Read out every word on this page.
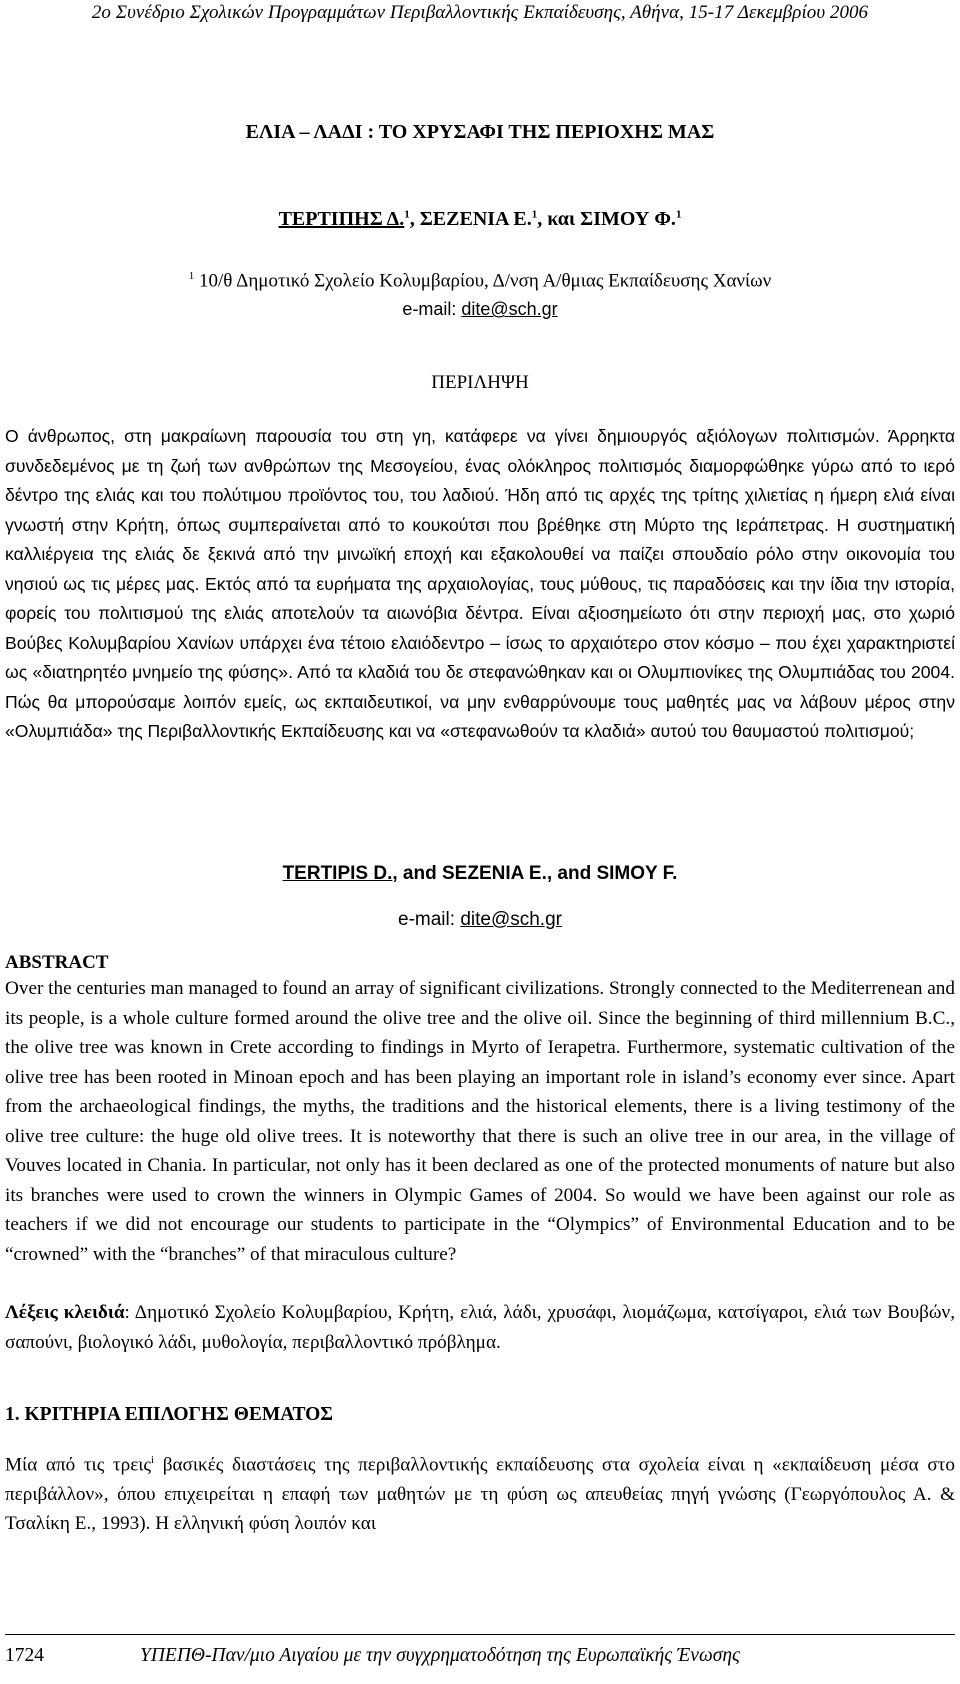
2ο Συνέδριο Σχολικών Προγραμμάτων Περιβαλλοντικής Εκπαίδευσης, Αθήνα, 15-17 Δεκεμβρίου 2006
ΕΛΙΑ – ΛΑΔΙ : ΤΟ ΧΡΥΣΑΦΙ ΤΗΣ ΠΕΡΙΟΧΗΣ ΜΑΣ
ΤΕΡΤΙΠΗΣ Δ.$^1$, ΣΕΖΕΝΙΑ Ε.$^1$, και ΣΙΜΟΥ Φ.$^1$
$^1$ 10/θ Δημοτικό Σχολείο Κολυμβαρίου, Δ/νση Α/θμιας Εκπαίδευσης Χανίων
e-mail: dite@sch.gr
ΠΕΡΙΛΗΨΗ
Ο άνθρωπος, στη μακραίωνη παρουσία του στη γη, κατάφερε να γίνει δημιουργός αξιόλογων πολιτισμών. Άρρηκτα συνδεδεμένος με τη ζωή των ανθρώπων της Μεσογείου, ένας ολόκληρος πολιτισμός διαμορφώθηκε γύρω από το ιερό δέντρο της ελιάς και του πολύτιμου προϊόντος του, του λαδιού. Ήδη από τις αρχές της τρίτης χιλιετίας η ήμερη ελιά είναι γνωστή στην Κρήτη, όπως συμπεραίνεται από το κουκούτσι που βρέθηκε στη Μύρτο της Ιεράπετρας. Η συστηματική καλλιέργεια της ελιάς δε ξεκινά από την μινωϊκή εποχή και εξακολουθεί να παίζει σπουδαίο ρόλο στην οικονομία του νησιού ως τις μέρες μας. Εκτός από τα ευρήματα της αρχαιολογίας, τους μύθους, τις παραδόσεις και την ίδια την ιστορία, φορείς του πολιτισμού της ελιάς αποτελούν τα αιωνόβια δέντρα. Είναι αξιοσημείωτο ότι στην περιοχή μας, στο χωριό Βούβες Κολυμβαρίου Χανίων υπάρχει ένα τέτοιο ελαιόδεντρο – ίσως το αρχαιότερο στον κόσμο – που έχει χαρακτηριστεί ως «διατηρητέο μνημείο της φύσης». Από τα κλαδιά του δε στεφανώθηκαν και οι Ολυμπιονίκες της Ολυμπιάδας του 2004. Πώς θα μπορούσαμε λοιπόν εμείς, ως εκπαιδευτικοί, να μην ενθαρρύνουμε τους μαθητές μας να λάβουν μέρος στην «Ολυμπιάδα» της Περιβαλλοντικής Εκπαίδευσης και να «στεφανωθούν τα κλαδιά» αυτού του θαυμαστού πολιτισμού;
TERTIPIS D., and SEZENIA E., and SIMOY F.
e-mail: dite@sch.gr
ABSTRACT
Over the centuries man managed to found an array of significant civilizations. Strongly connected to the Mediterrenean and its people, is a whole culture formed around the olive tree and the olive oil. Since the beginning of third millennium B.C., the olive tree was known in Crete according to findings in Myrto of Ierapetra. Furthermore, systematic cultivation of the olive tree has been rooted in Minoan epoch and has been playing an important role in island’s economy ever since. Apart from the archaeological findings, the myths, the traditions and the historical elements, there is a living testimony of the olive tree culture: the huge old olive trees. It is noteworthy that there is such an olive tree in our area, in the village of Vouves located in Chania. In particular, not only has it been declared as one of the protected monuments of nature but also its branches were used to crown the winners in Olympic Games of 2004. So would we have been against our role as teachers if we did not encourage our students to participate in the “Olympics” of Environmental Education and to be “crowned” with the “branches” of that miraculous culture?
Λέξεις κλειδιά: Δημοτικό Σχολείο Κολυμβαρίου, Κρήτη, ελιά, λάδι, χρυσάφι, λιομάζωμα, κατσίγαροι, ελιά των Βουβών, σαπούνι, βιολογικό λάδι, μυθολογία, περιβαλλοντικό πρόβλημα.
1. ΚΡΙΤΗΡΙΑ ΕΠΙΛΟΓΗΣ ΘΕΜΑΤΟΣ
Μία από τις τρεις$^i$ βασικές διαστάσεις της περιβαλλοντικής εκπαίδευσης στα σχολεία είναι η «εκπαίδευση μέσα στο περιβάλλον», όπου επιχειρείται η επαφή των μαθητών με τη φύση ως απευθείας πηγή γνώσης (Γεωργόπουλος Α. & Τσαλίκη Ε., 1993). Η ελληνική φύση λοιπόν και
1724	ΥΠΕΠΘ-Παν/μιο Αιγαίου με την συγχρηματοδότηση της Ευρωπαϊκής Ένωσης
